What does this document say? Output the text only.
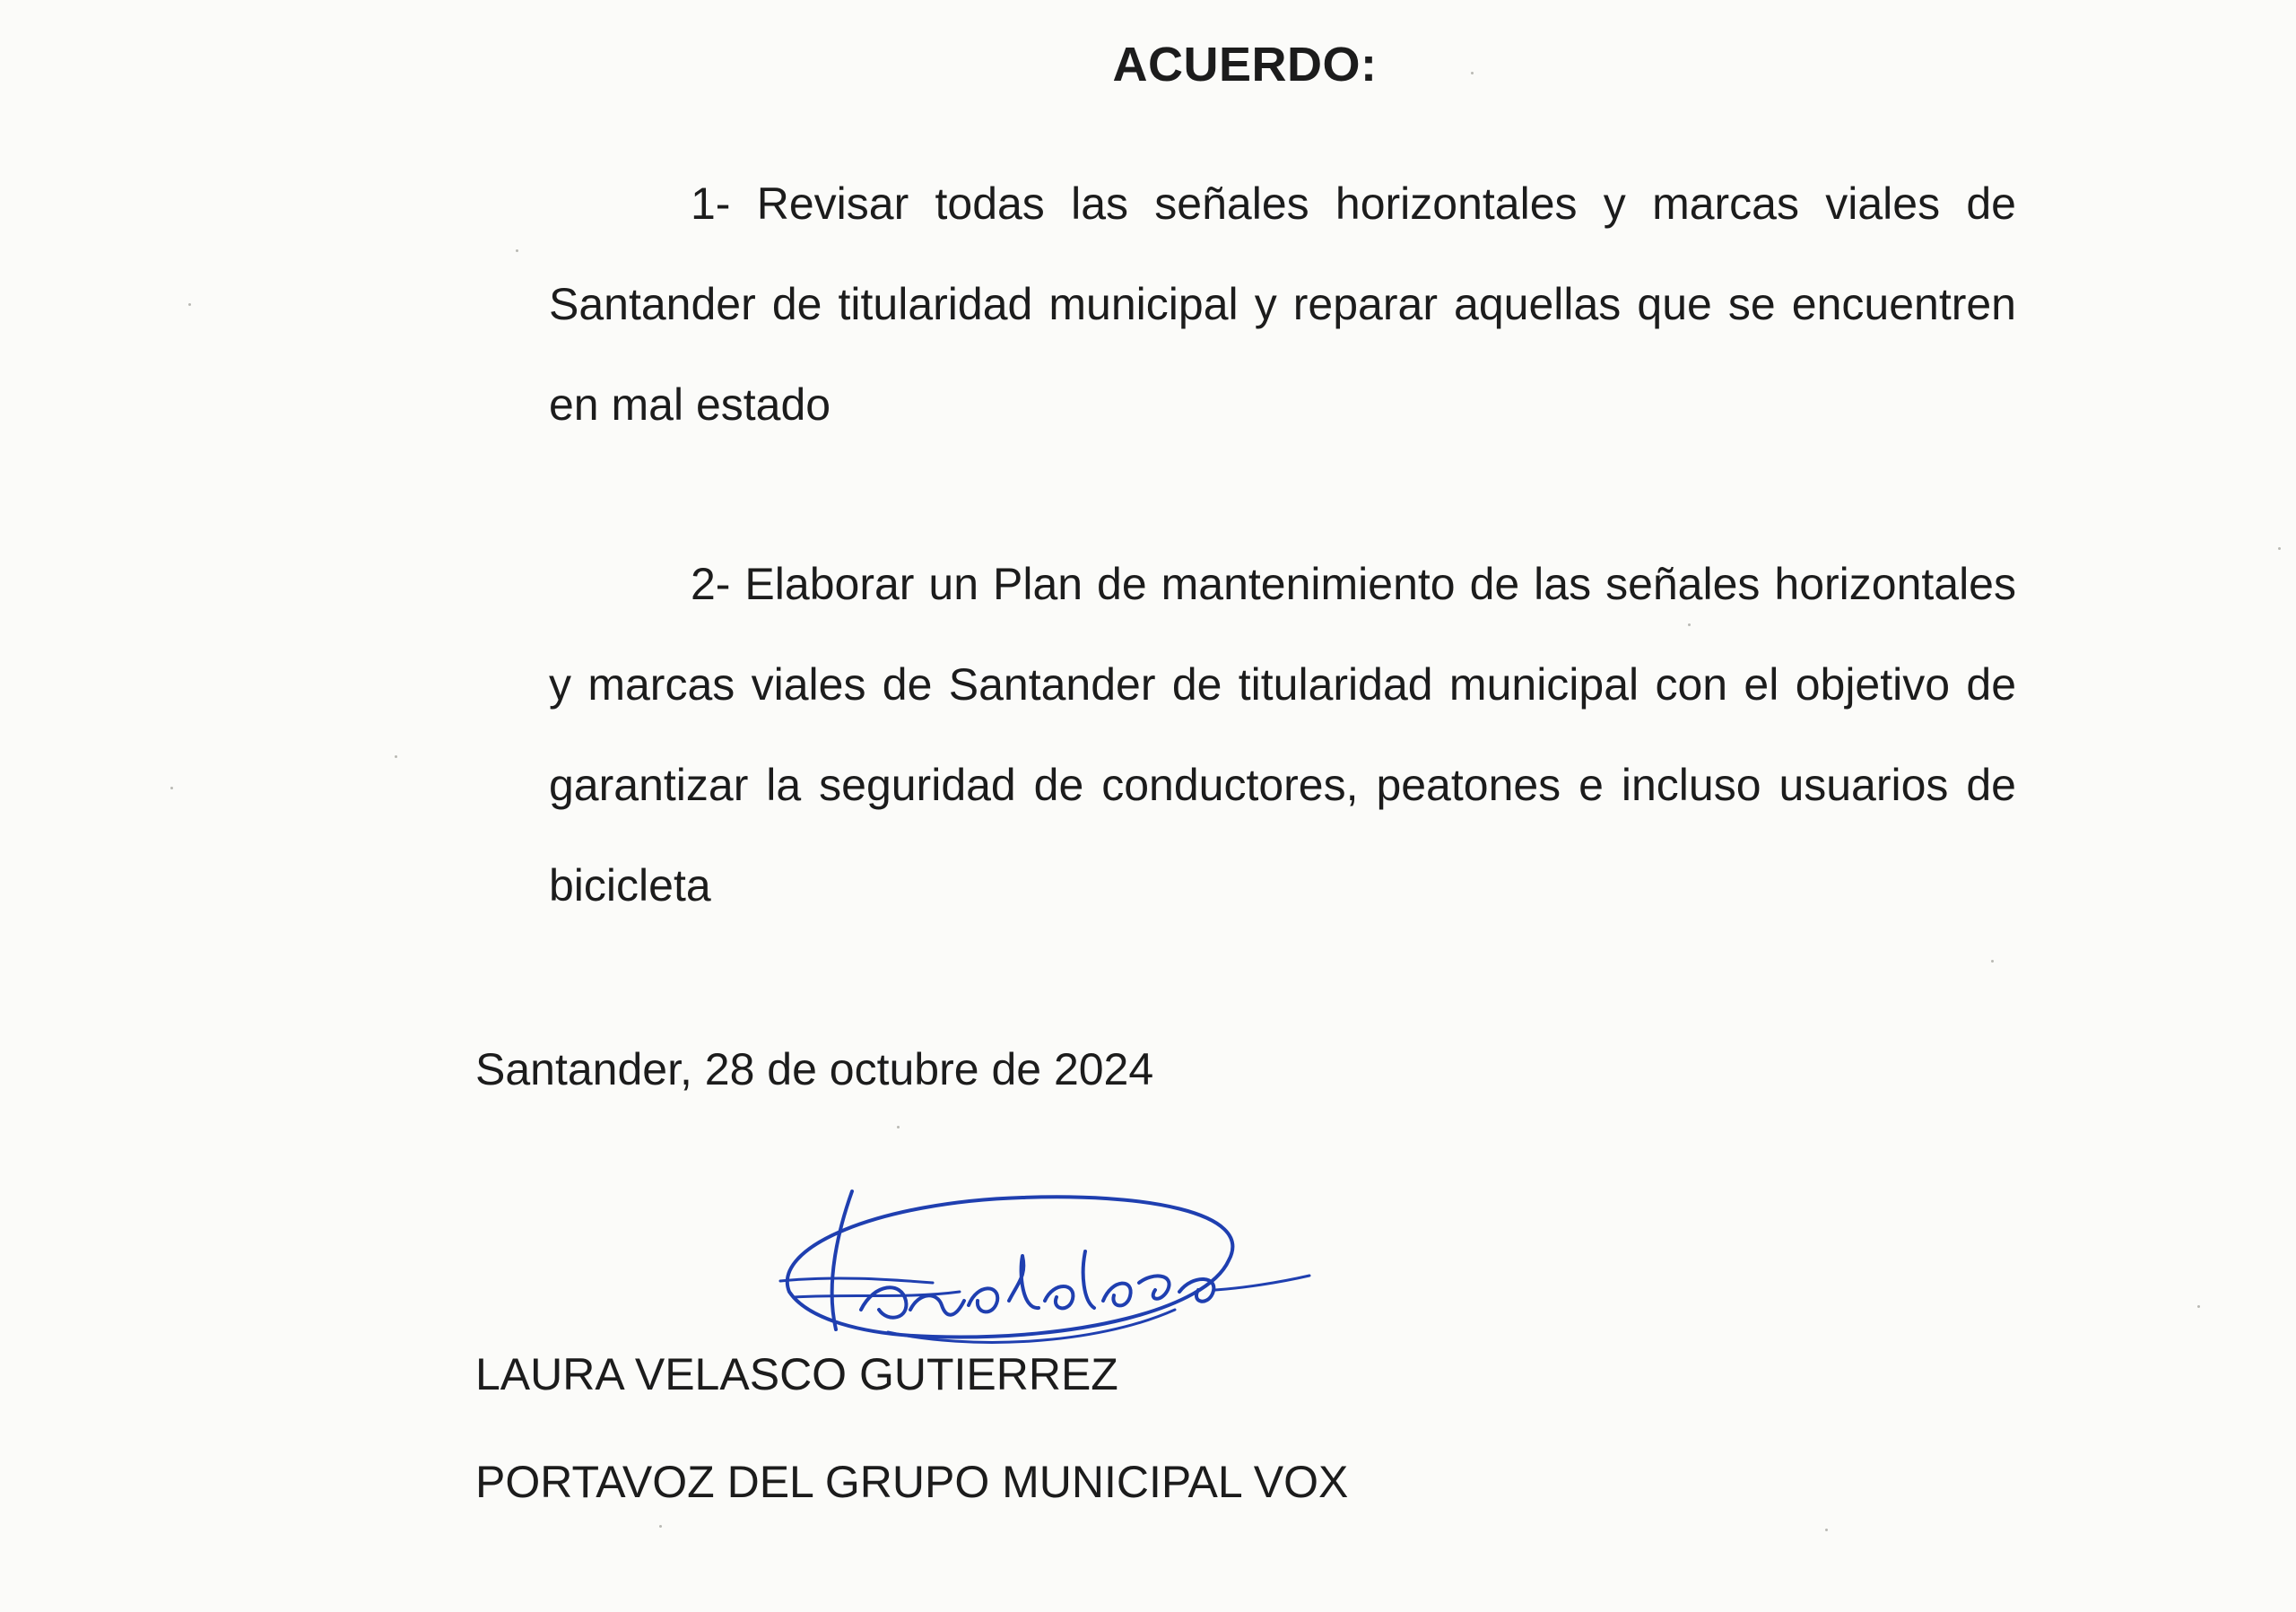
ACUERDO:

1- Revisar todas las señales horizontales y marcas viales de Santander de titularidad municipal y reparar aquellas que se encuentren en mal estado

2- Elaborar un Plan de mantenimiento de las señales horizontales y marcas viales de Santander de titularidad municipal con el objetivo de garantizar la seguridad de conductores, peatones e incluso usuarios de bicicleta

Santander, 28 de octubre de 2024
LAURA VELASCO GUTIERREZ
PORTAVOZ DEL GRUPO MUNICIPAL VOX
